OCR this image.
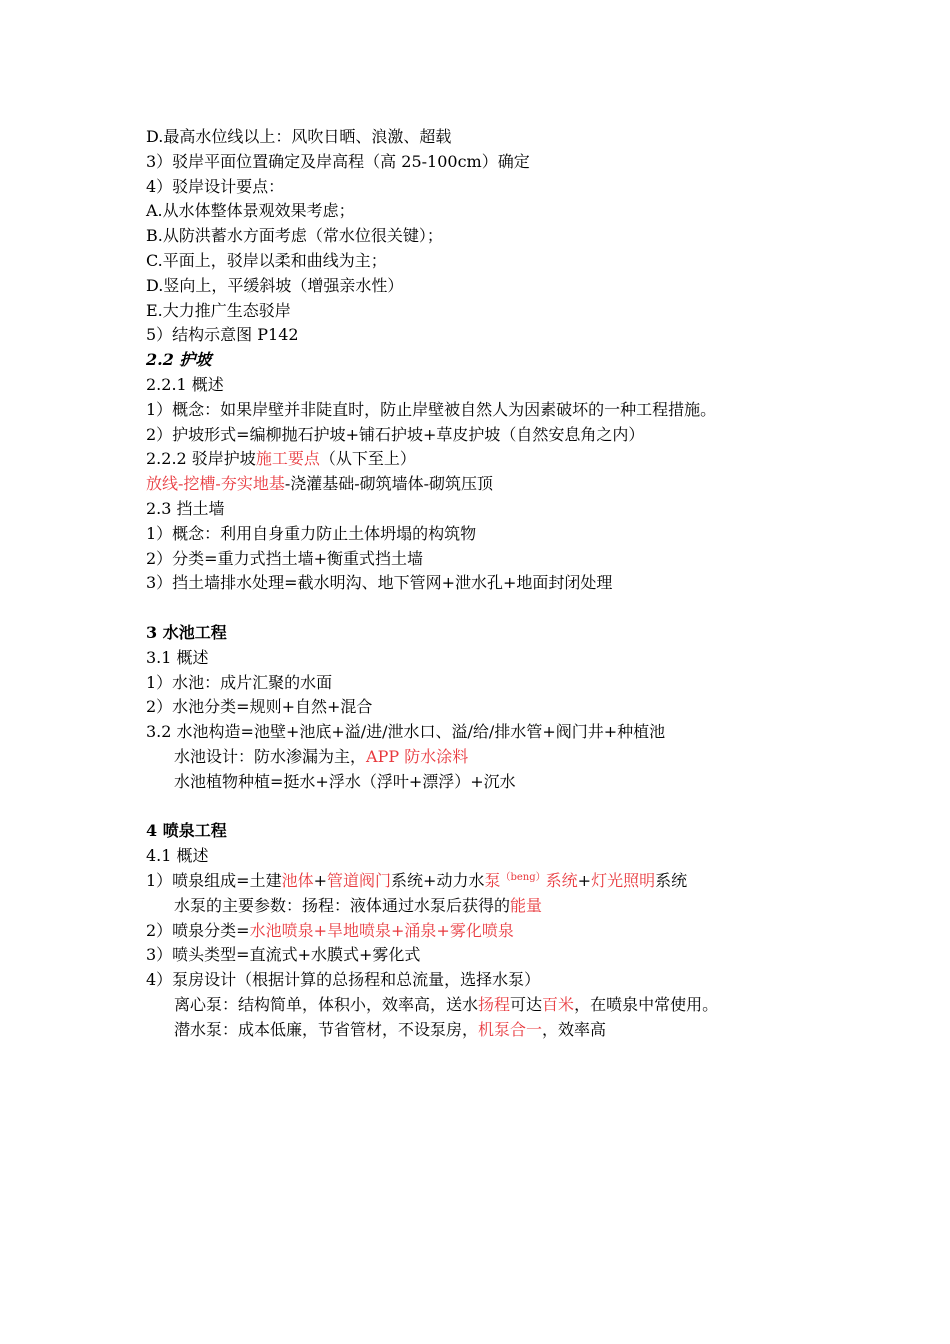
D.最高水位线以上：风吹日晒、浪激、超载
3）驳岸平面位置确定及岸高程（高 25-100cm）确定
4）驳岸设计要点：
A.从水体整体景观效果考虑；
B.从防洪蓄水方面考虑（常水位很关键）；
C.平面上，驳岸以柔和曲线为主；
D.竖向上，平缓斜坡（增强亲水性）
E.大力推广生态驳岸
5）结构示意图 P142
2.2 护坡
2.2.1 概述
1）概念：如果岸壁并非陡直时，防止岸壁被自然人为因素破坏的一种工程措施。
2）护坡形式=编柳抛石护坡+铺石护坡+草皮护坡（自然安息角之内）
2.2.2 驳岸护坡施工要点（从下至上）
放线-挖槽-夯实地基-浇灌基础-砌筑墙体-砌筑压顶
2.3 挡土墙
1）概念：利用自身重力防止土体坍塌的构筑物
2）分类=重力式挡土墙+衡重式挡土墙
3）挡土墙排水处理=截水明沟、地下管网+泄水孔+地面封闭处理
3 水池工程
3.1 概述
1）水池：成片汇聚的水面
2）水池分类=规则+自然+混合
3.2 水池构造=池壁+池底+溢/进/泄水口、溢/给/排水管+阀门井+种植池
水池设计：防水渗漏为主，APP 防水涂料
水池植物种植=挺水+浮水（浮叶+漂浮）+沉水
4 喷泉工程
4.1 概述
1）喷泉组成=土建池体+管道阀门系统+动力水泵$^{(beng)}$系统+灯光照明系统
水泵的主要参数：扬程：液体通过水泵后获得的能量
2）喷泉分类=水池喷泉+旱地喷泉+涌泉+雾化喷泉
3）喷头类型=直流式+水膜式+雾化式
4）泵房设计（根据计算的总扬程和总流量，选择水泵）
离心泵：结构简单，体积小，效率高，送水扬程可达百米，在喷泉中常使用。
潜水泵：成本低廉，节省管材，不设泵房，机泵合一，效率高
